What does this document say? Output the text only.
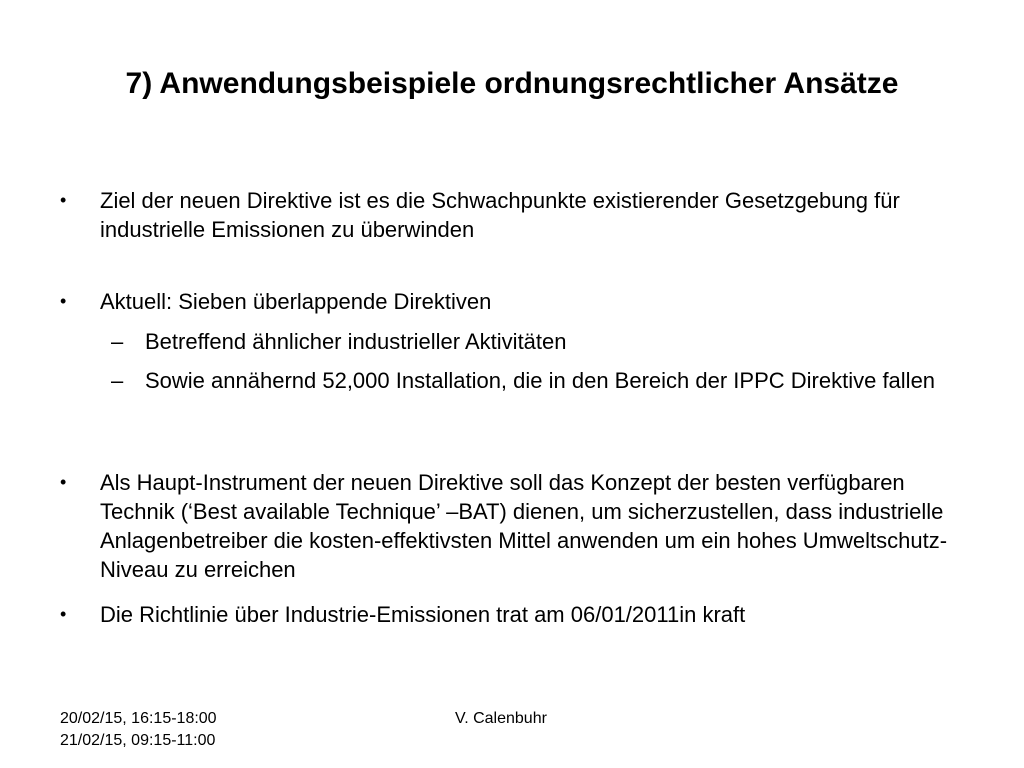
7) Anwendungsbeispiele ordnungsrechtlicher Ansätze
•	Ziel der neuen Direktive ist es die Schwachpunkte existierender Gesetzgebung für industrielle Emissionen zu überwinden
•	Aktuell: Sieben überlappende Direktiven
– Betreffend ähnlicher industrieller Aktivitäten
– Sowie annähernd 52,000 Installation, die in den Bereich der IPPC Direktive fallen
•	Als Haupt-Instrument der neuen Direktive soll das Konzept der besten verfügbaren Technik (‘Best available Technique’ –BAT) dienen, um sicherzustellen, dass industrielle Anlagenbetreiber die kosten-effektivsten Mittel anwenden um ein hohes Umweltschutz-Niveau zu erreichen
•	Die Richtlinie über Industrie-Emissionen trat am 06/01/2011in kraft
20/02/15, 16:15-18:00
21/02/15, 09:15-11:00
V. Calenbuhr
